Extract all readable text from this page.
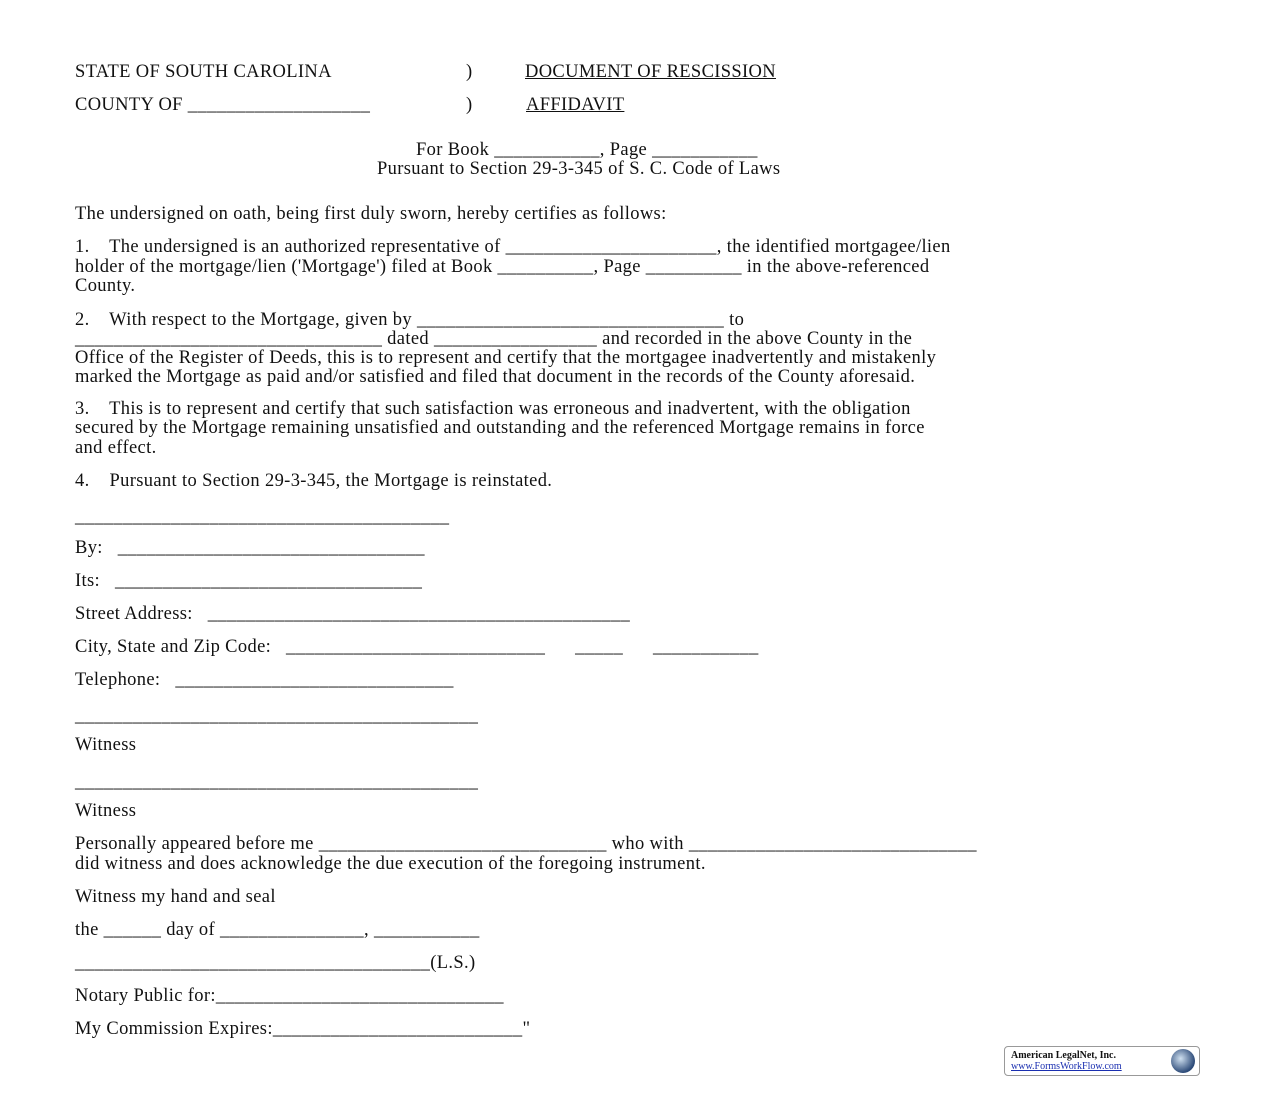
STATE OF SOUTH CAROLINA	)	DOCUMENT OF RESCISSION
COUNTY OF ___________________	)	AFFIDAVIT
For Book ___________, Page ___________
Pursuant to Section 29-3-345 of S. C. Code of Laws
The undersigned on oath, being first duly sworn, hereby certifies as follows:
1.    The undersigned is an authorized representative of ______________________, the identified mortgagee/lien
holder of the mortgage/lien ('Mortgage') filed at Book __________, Page __________ in the above-referenced
County.
2.    With respect to the Mortgage, given by ________________________________ to
________________________________ dated _________________ and recorded in the above County in the
Office of the Register of Deeds, this is to represent and certify that the mortgagee inadvertently and mistakenly
marked the Mortgage as paid and/or satisfied and filed that document in the records of the County aforesaid.
3.    This is to represent and certify that such satisfaction was erroneous and inadvertent, with the obligation
secured by the Mortgage remaining unsatisfied and outstanding and the referenced Mortgage remains in force
and effect.
4.    Pursuant to Section 29-3-345, the Mortgage is reinstated.
_______________________________________
By:   ________________________________
Its:   ________________________________
Street Address:   ____________________________________________
City, State and Zip Code:   ___________________________      _____      ___________
Telephone:   _____________________________
__________________________________________
Witness
__________________________________________
Witness
Personally appeared before me ______________________________ who with ______________________________
did witness and does acknowledge the due execution of the foregoing instrument.
Witness my hand and seal
the ______ day of _______________, ___________
_____________________________________(L.S.)
Notary Public for:______________________________
My Commission Expires:__________________________"
American LegalNet, Inc.
www.FormsWorkFlow.com
